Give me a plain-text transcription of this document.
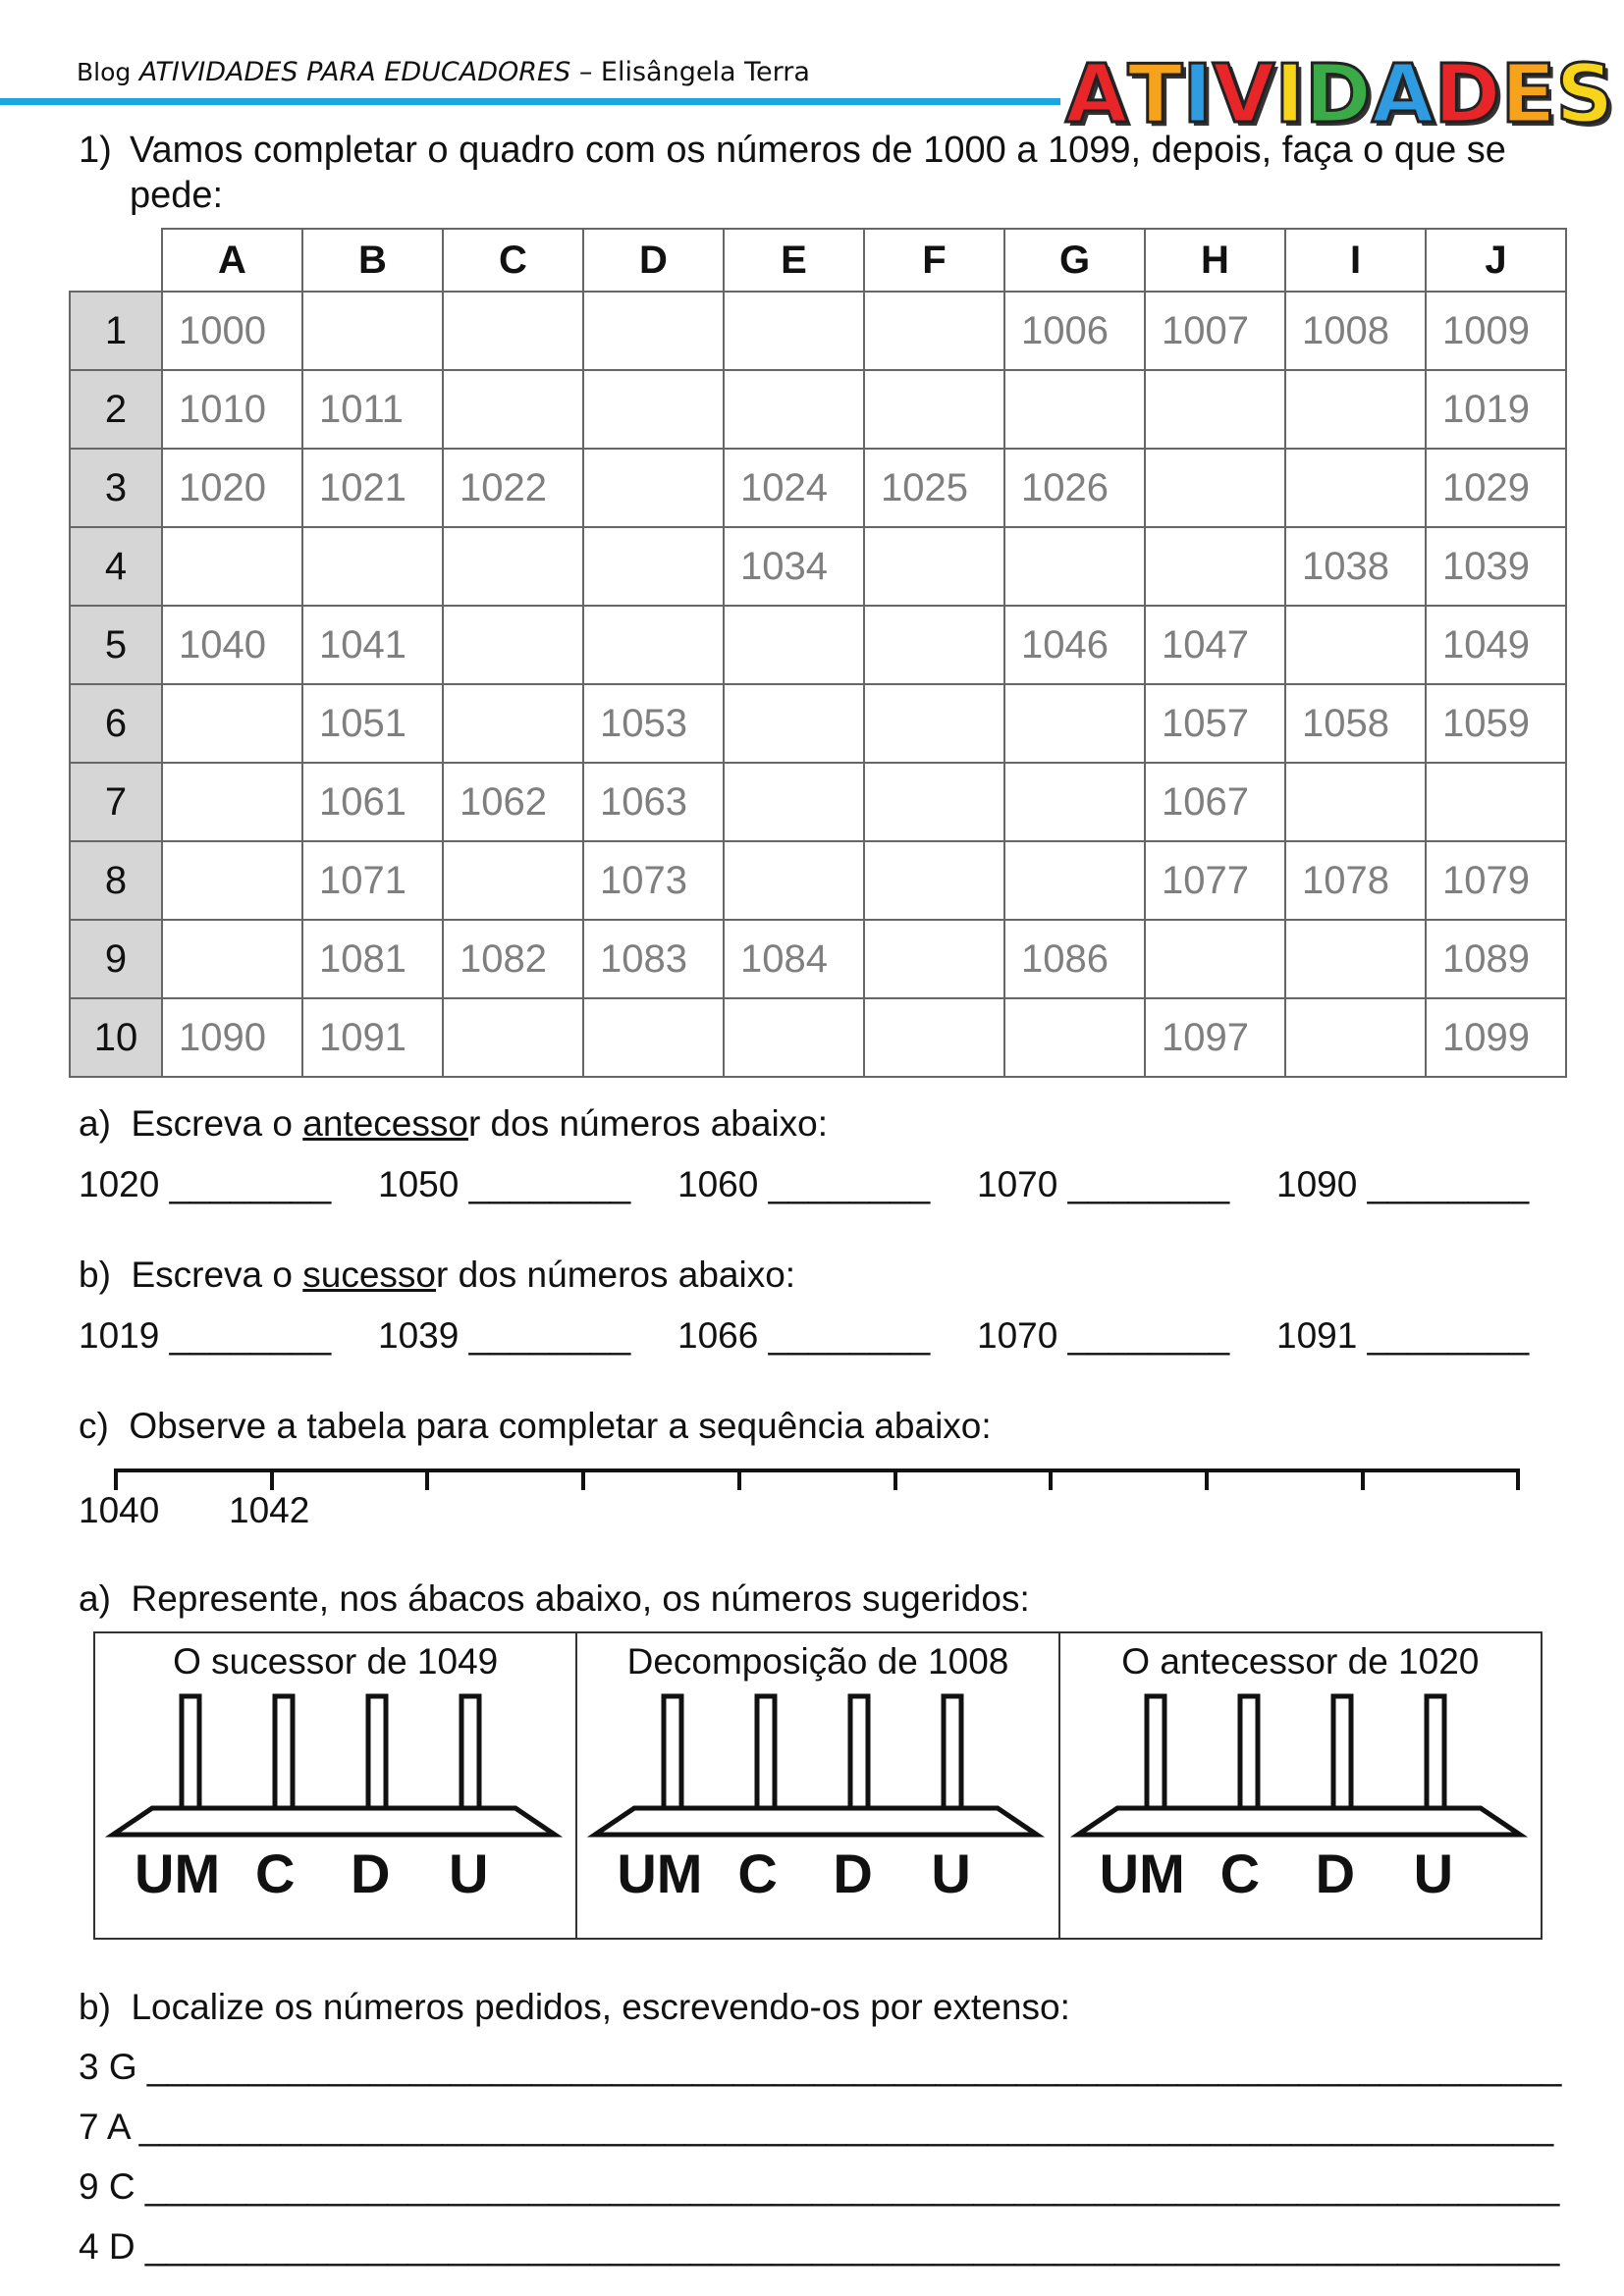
Blog ATIVIDADES PARA EDUCADORES – Elisângela Terra	A T I V I D A D E S
1) Vamos completar o quadro com os números de 1000 a 1099, depois, faça o que se pede:
	A	B	C	D	E	F	G	H	I	J
1	1000						1006	1007	1008	1009
2	1010	1011								1019
3	1020	1021	1022		1024	1025	1026			1029
4					1034				1038	1039
5	1040	1041					1046	1047		1049
6		1051		1053				1057	1058	1059
7		1061	1062	1063				1067		
8		1071		1073				1077	1078	1079
9		1081	1082	1083	1084		1086			1089
10	1090	1091						1097		1099
a) Escreva o antecessor dos números abaixo:
1020 ________ 1050 ________ 1060 ________ 1070 ________ 1090 ________
b) Escreva o sucessor dos números abaixo:
1019 ________ 1039 ________ 1066 ________ 1070 ________ 1091 ________
c) Observe a tabela para completar a sequência abaixo:
1040 1042
a) Represente, nos ábacos abaixo, os números sugeridos:
O sucessor de 1049
UM C D U
Decomposição de 1008
UM C D U
O antecessor de 1020
UM C D U
b) Localize os números pedidos, escrevendo-os por extenso:
3 G ______________________________________________________________________
7 A ______________________________________________________________________
9 C ______________________________________________________________________
4 D ______________________________________________________________________
